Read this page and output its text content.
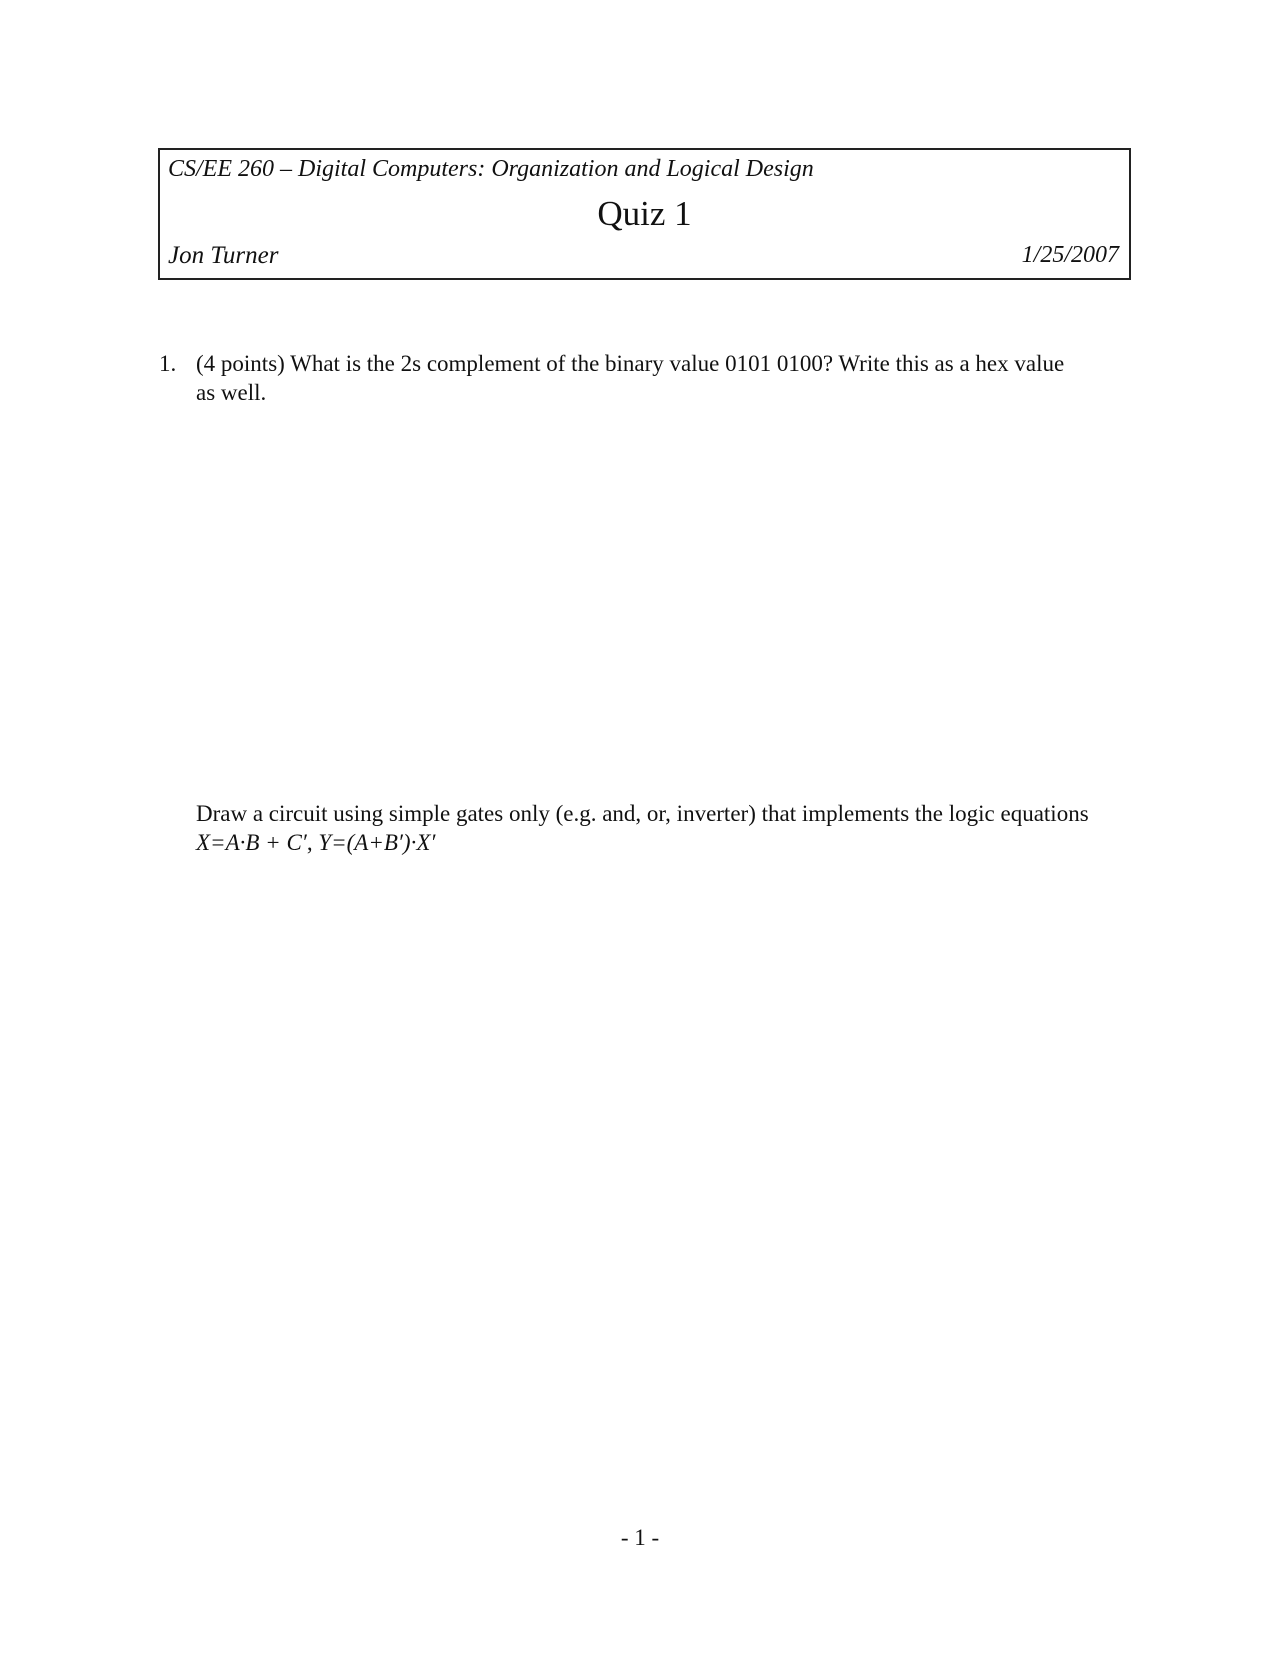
CS/EE 260 – Digital Computers: Organization and Logical Design
Quiz 1
Jon Turner	1/25/2007
1. (4 points) What is the 2s complement of the binary value 0101 0100? Write this as a hex value as well.
Draw a circuit using simple gates only (e.g. and, or, inverter) that implements the logic equations X=A·B + C′, Y=(A+B′)·X′
- 1 -
